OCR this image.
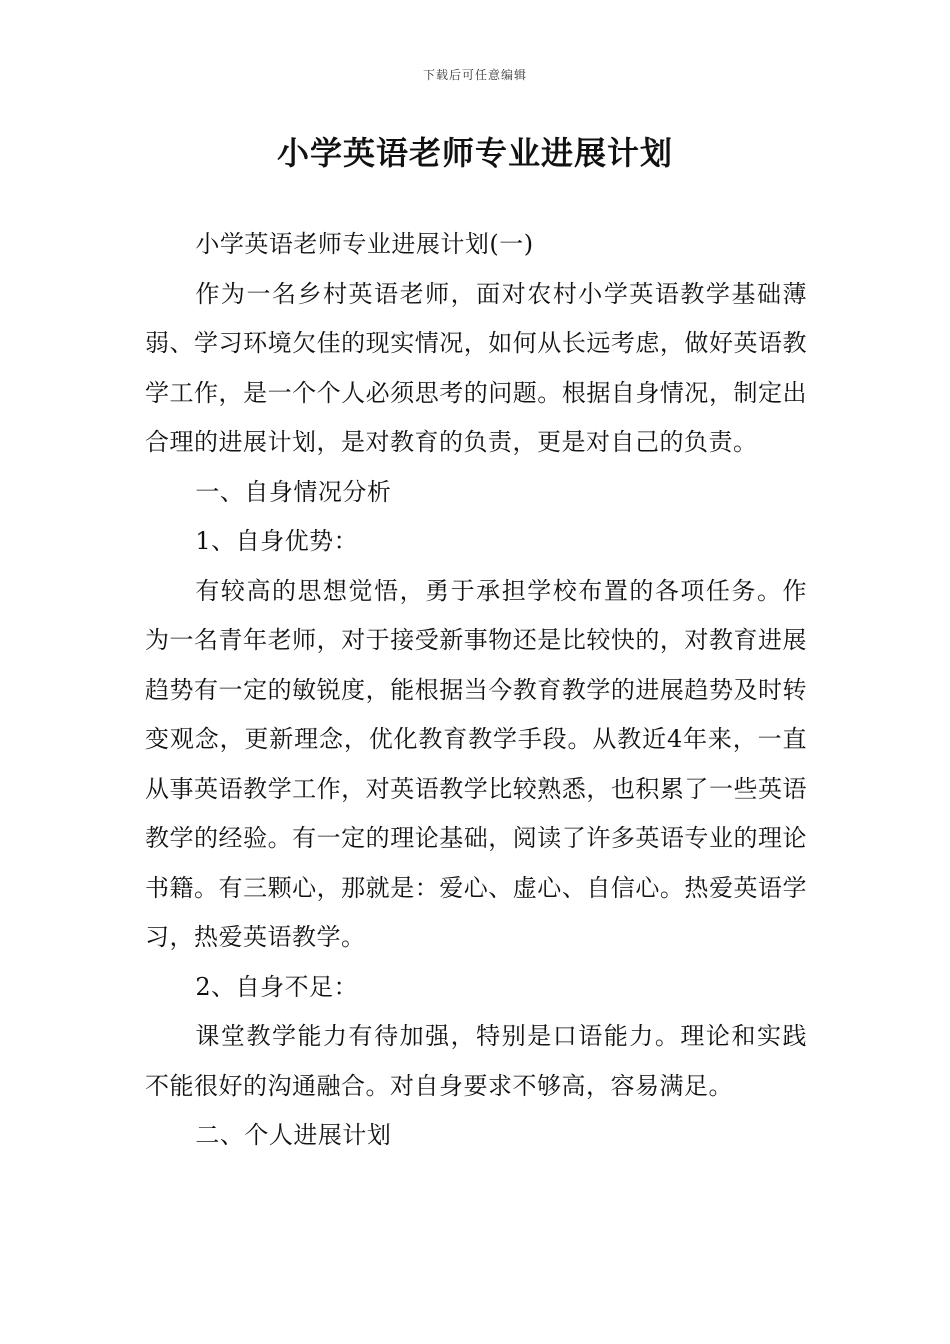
下载后可任意编辑
小学英语老师专业进展计划

小学英语老师专业进展计划(一)

作为一名乡村英语老师，面对农村小学英语教学基础薄弱、学习环境欠佳的现实情况，如何从长远考虑，做好英语教学工作，是一个个人必须思考的问题。根据自身情况，制定出合理的进展计划，是对教育的负责，更是对自己的负责。

一、自身情况分析

1、自身优势：

有较高的思想觉悟，勇于承担学校布置的各项任务。作为一名青年老师，对于接受新事物还是比较快的，对教育进展趋势有一定的敏锐度，能根据当今教育教学的进展趋势及时转变观念，更新理念，优化教育教学手段。从教近4年来，一直从事英语教学工作，对英语教学比较熟悉，也积累了一些英语教学的经验。有一定的理论基础，阅读了许多英语专业的理论书籍。有三颗心，那就是：爱心、虚心、自信心。热爱英语学习，热爱英语教学。

2、自身不足：

课堂教学能力有待加强，特别是口语能力。理论和实践不能很好的沟通融合。对自身要求不够高，容易满足。

二、个人进展计划
